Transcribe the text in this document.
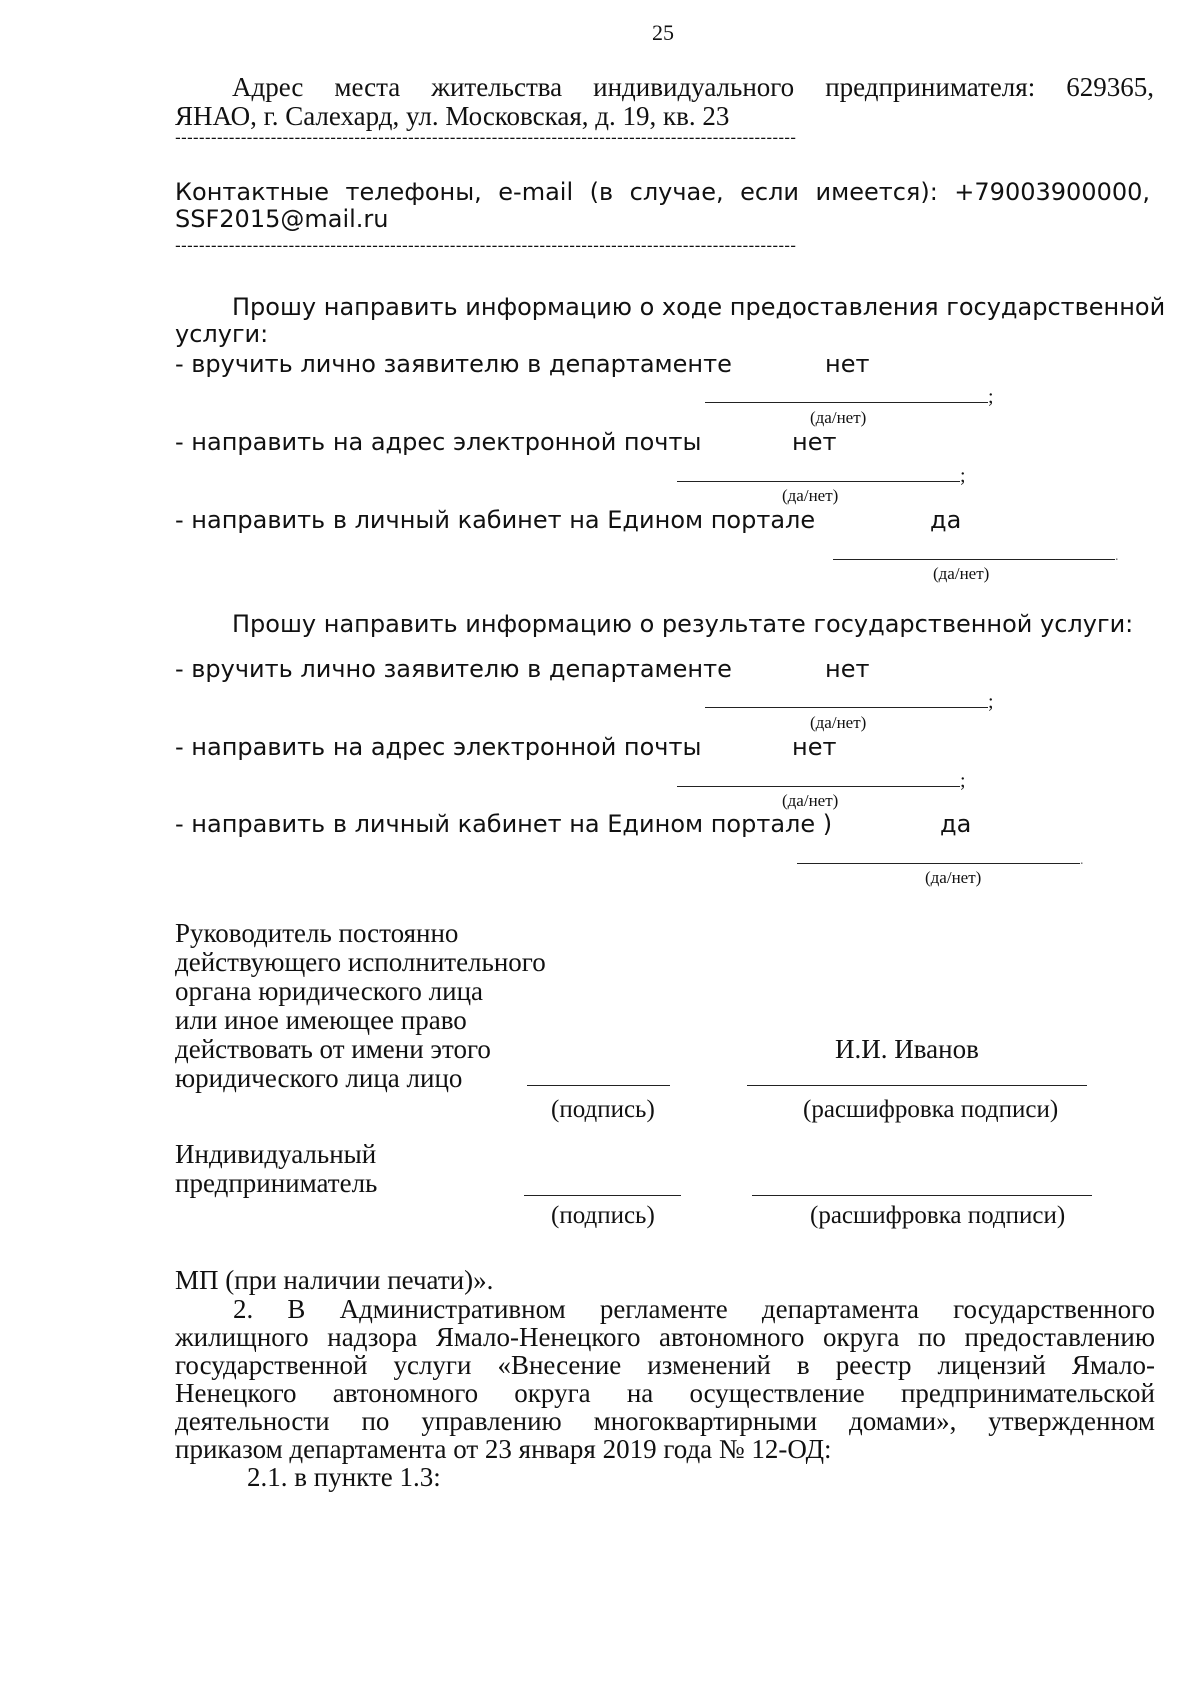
25
Адрес места жительства индивидуального предпринимателя: 629365,
ЯНАО, г. Салехард, ул. Московская, д. 19, кв. 23
--------------------------------------------------------------------------------------------------------
Контактные телефоны, e-mail (в случае, если имеется): +79003900000,
SSF2015@mail.ru
--------------------------------------------------------------------------------------------------------
Прошу направить информацию о ходе предоставления государственной
услуги:
- вручить лично заявителю в департаменте	нет
;
(да/нет)
- направить на адрес электронной почты	нет
;
(да/нет)
- направить в личный кабинет на Едином портале	да
.
(да/нет)
Прошу направить информацию о результате государственной услуги:
- вручить лично заявителю в департаменте	нет
;
(да/нет)
- направить на адрес электронной почты	нет
;
(да/нет)
- направить в личный кабинет на Едином портале )	да
.
(да/нет)
Руководитель постоянно
действующего исполнительного
органа юридического лица
или иное имеющее право
действовать от имени этого
юридического лица лицо
И.И. Иванов
(подпись)	(расшифровка подписи)
Индивидуальный
предприниматель
(подпись)	(расшифровка подписи)
МП (при наличии печати)».
2. В Административном регламенте департамента государственного
жилищного надзора Ямало-Ненецкого автономного округа по предоставлению
государственной услуги «Внесение изменений в реестр лицензий Ямало-
Ненецкого автономного округа на осуществление предпринимательской
деятельности по управлению многоквартирными домами», утвержденном
приказом департамента от 23 января 2019 года № 12-ОД:
2.1. в пункте 1.3:
